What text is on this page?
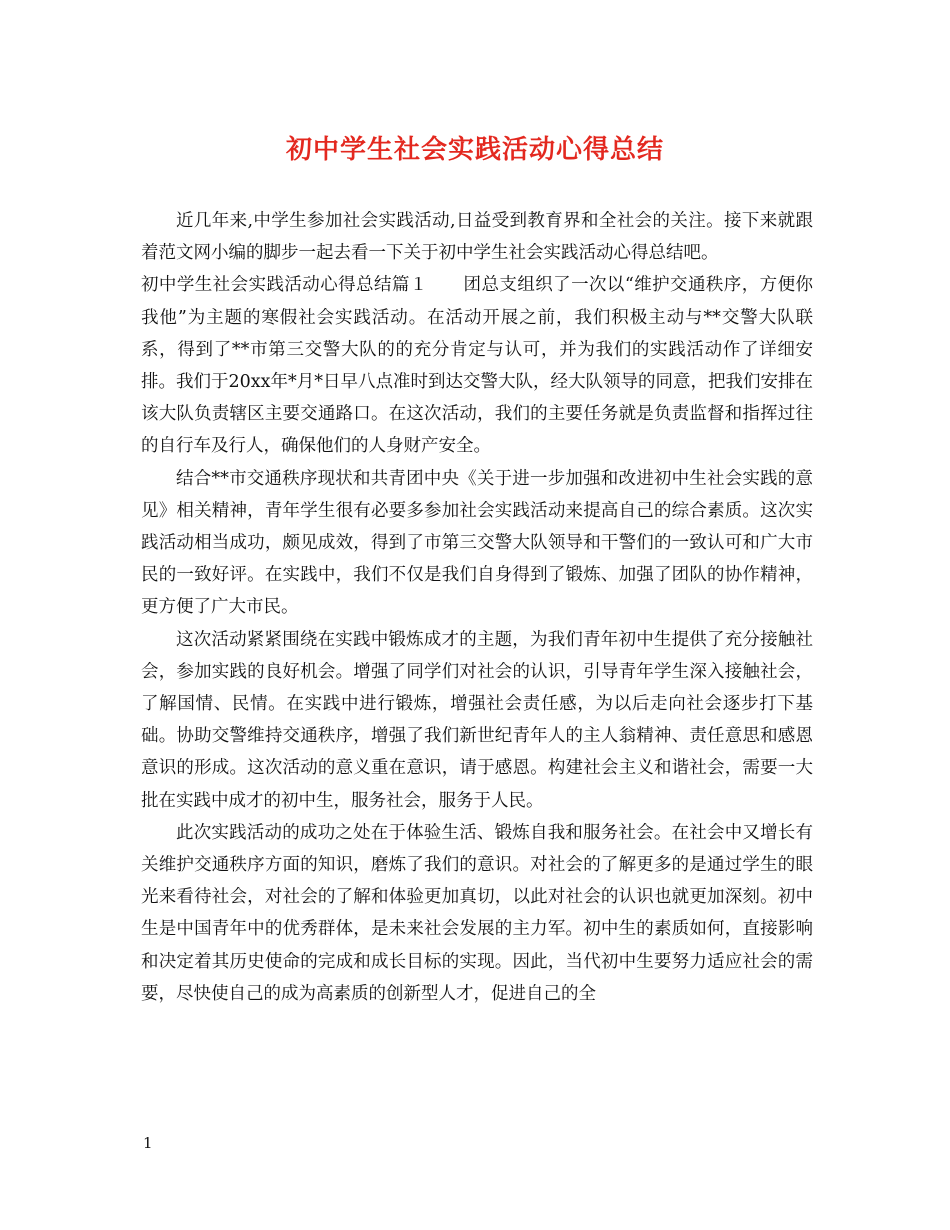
初中学生社会实践活动心得总结

近几年来,中学生参加社会实践活动,日益受到教育界和全社会的关注。接下来就跟着范文网小编的脚步一起去看一下关于初中学生社会实践活动心得总结吧。

初中学生社会实践活动心得总结篇１　　团总支组织了一次以“维护交通秩序，方便你我他”为主题的寒假社会实践活动。在活动开展之前，我们积极主动与**交警大队联系，得到了**市第三交警大队的的充分肯定与认可，并为我们的实践活动作了详细安排。我们于20xx年*月*日早八点准时到达交警大队，经大队领导的同意，把我们安排在该大队负责辖区主要交通路口。在这次活动，我们的主要任务就是负责监督和指挥过往的自行车及行人，确保他们的人身财产安全。

结合**市交通秩序现状和共青团中央《关于进一步加强和改进初中生社会实践的意见》相关精神，青年学生很有必要多参加社会实践活动来提高自己的综合素质。这次实践活动相当成功，颇见成效，得到了市第三交警大队领导和干警们的一致认可和广大市民的一致好评。在实践中，我们不仅是我们自身得到了锻炼、加强了团队的协作精神，更方便了广大市民。

这次活动紧紧围绕在实践中锻炼成才的主题，为我们青年初中生提供了充分接触社会，参加实践的良好机会。增强了同学们对社会的认识，引导青年学生深入接触社会，了解国情、民情。在实践中进行锻炼，增强社会责任感，为以后走向社会逐步打下基础。协助交警维持交通秩序，增强了我们新世纪青年人的主人翁精神、责任意思和感恩意识的形成。这次活动的意义重在意识，请于感恩。构建社会主义和谐社会，需要一大批在实践中成才的初中生，服务社会，服务于人民。

此次实践活动的成功之处在于体验生活、锻炼自我和服务社会。在社会中又增长有关维护交通秩序方面的知识，磨炼了我们的意识。对社会的了解更多的是通过学生的眼光来看待社会，对社会的了解和体验更加真切，以此对社会的认识也就更加深刻。初中生是中国青年中的优秀群体，是未来社会发展的主力军。初中生的素质如何，直接影响和决定着其历史使命的完成和成长目标的实现。因此，当代初中生要努力适应社会的需要，尽快使自己的成为高素质的创新型人才，促进自己的全

1
